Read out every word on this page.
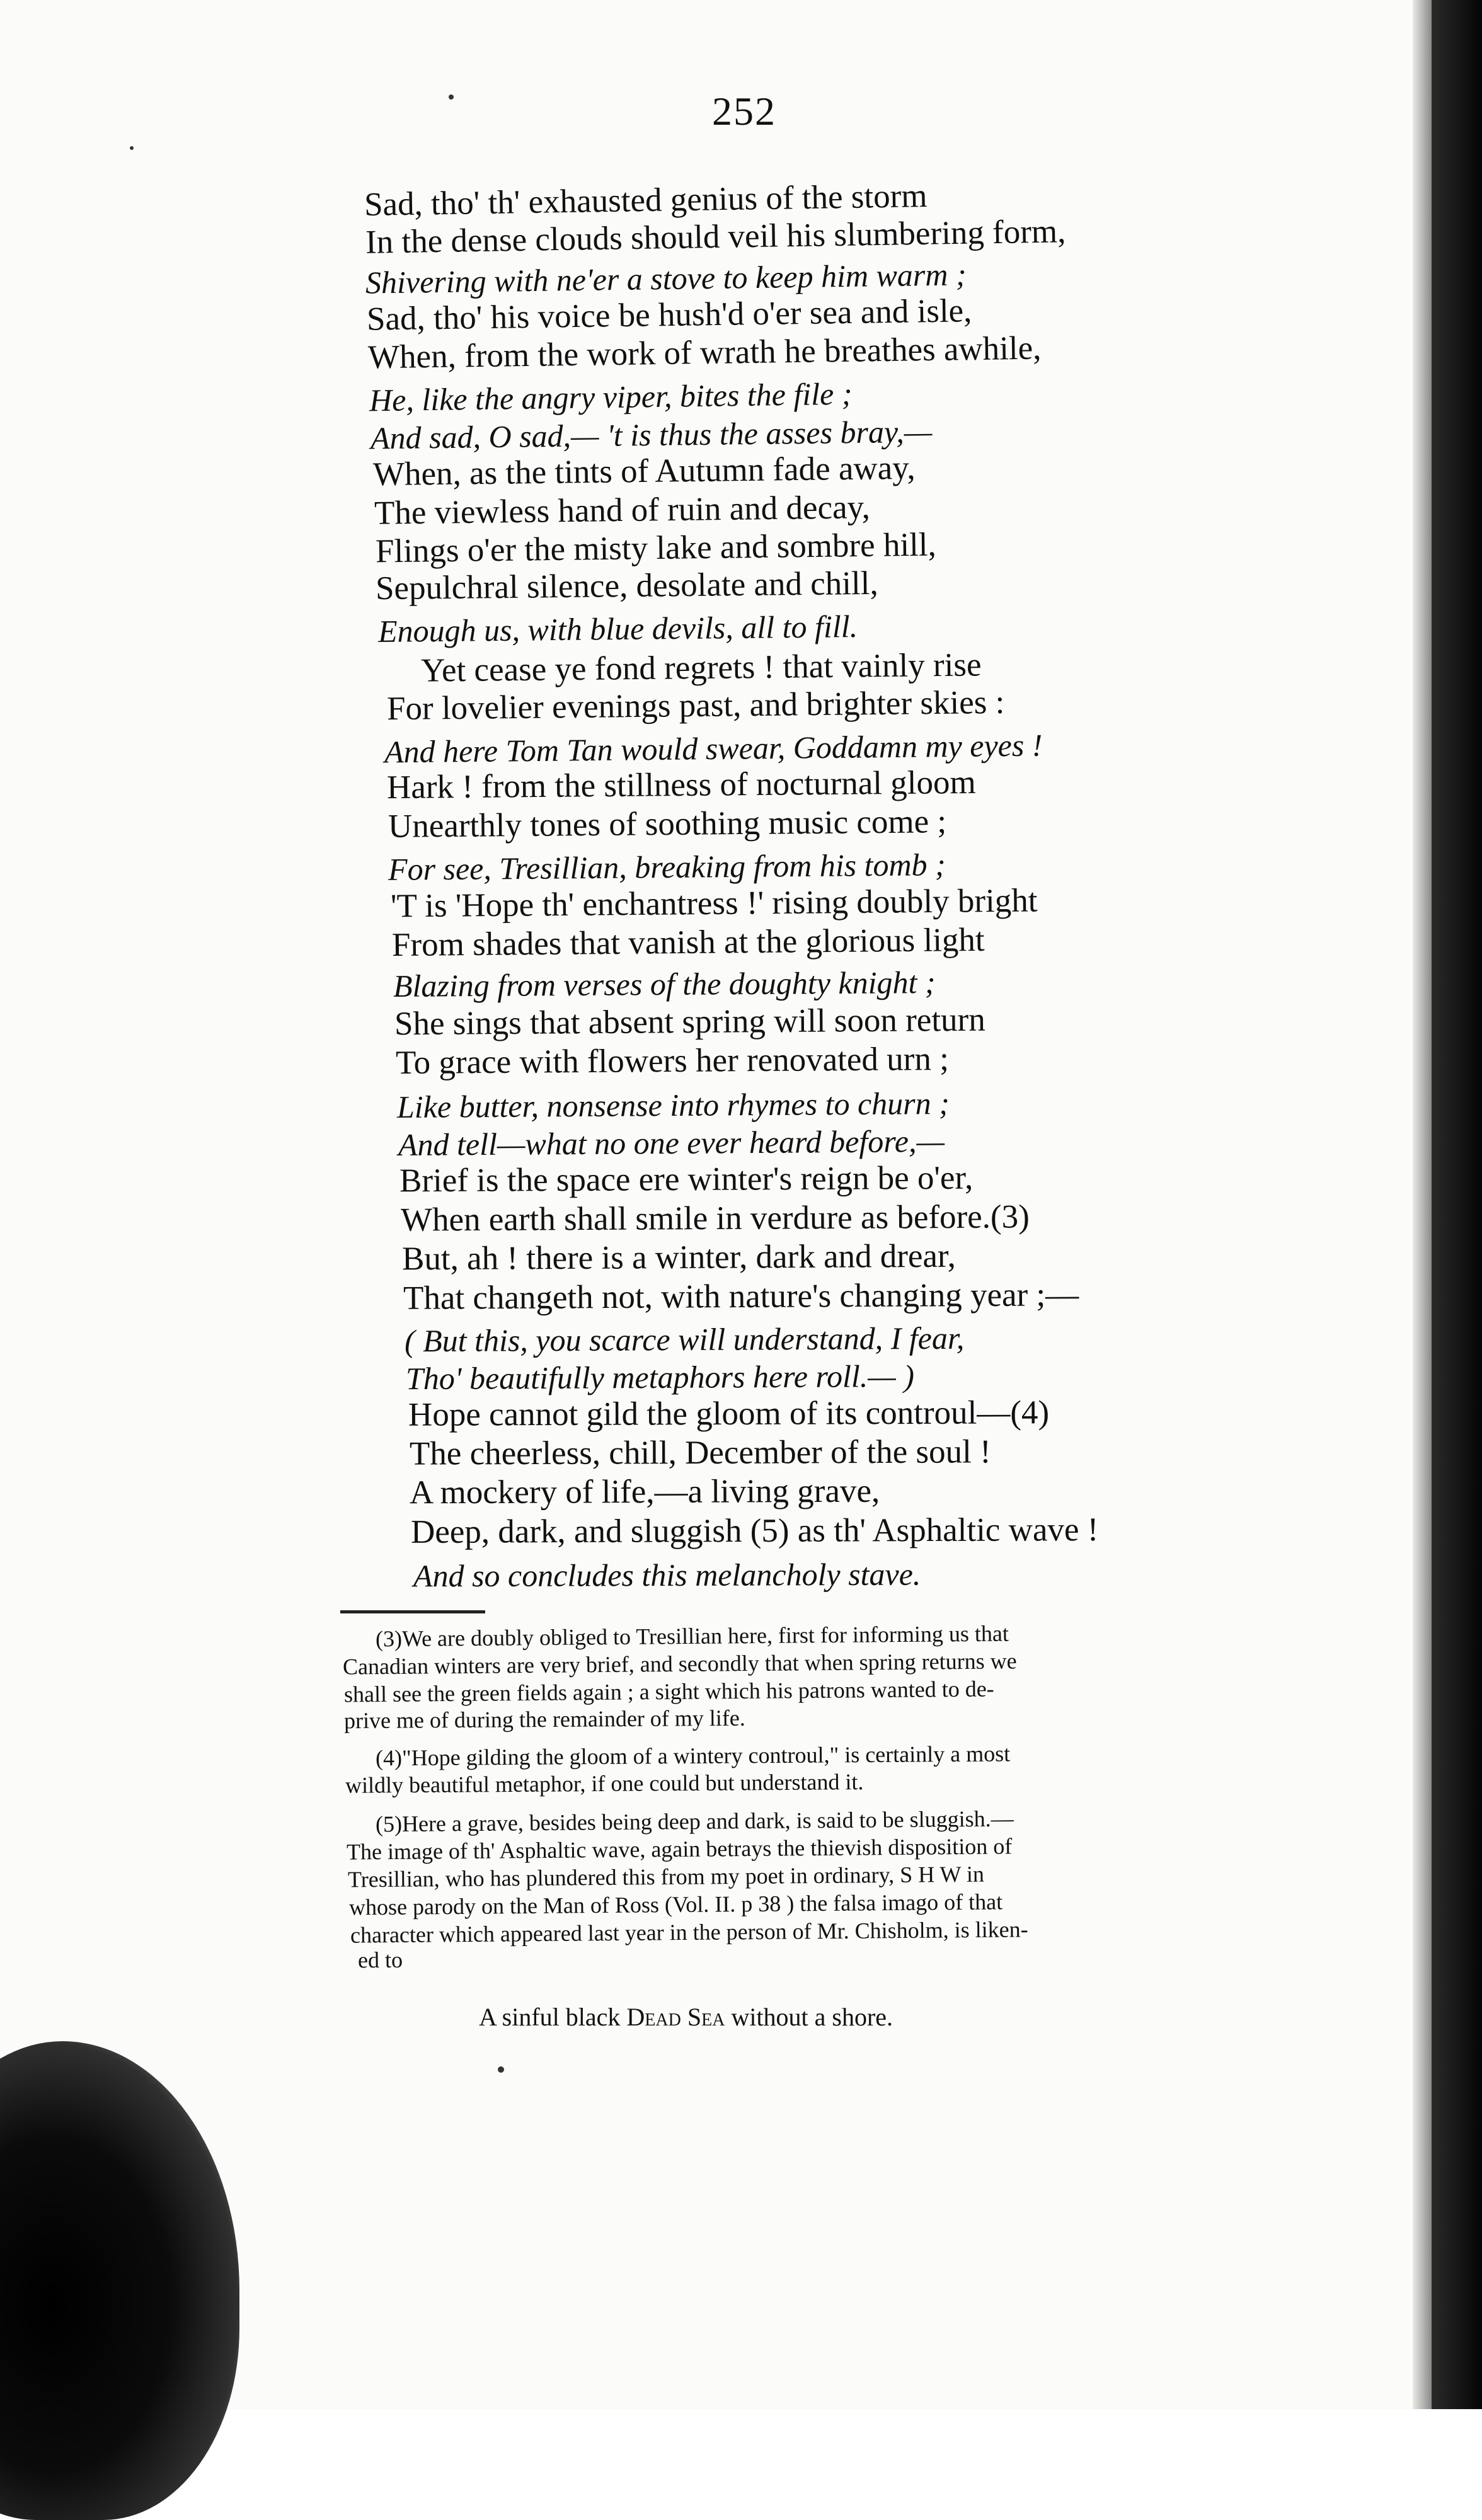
252
Sad, tho' th' exhausted genius of the storm
In the dense clouds should veil his slumbering form,
Shivering with ne'er a stove to keep him warm ;
Sad, tho' his voice be hush'd o'er sea and isle,
When, from the work of wrath he breathes awhile,
He, like the angry viper, bites the file ;
And sad, O sad,— 't is thus the asses bray,—
When, as the tints of Autumn fade away,
The viewless hand of ruin and decay,
Flings o'er the misty lake and sombre hill,
Sepulchral silence, desolate and chill,
Enough us, with blue devils, all to fill.
Yet cease ye fond regrets ! that vainly rise
For lovelier evenings past, and brighter skies :
And here Tom Tan would swear, Goddamn my eyes !
Hark ! from the stillness of nocturnal gloom
Unearthly tones of soothing music come ;
For see, Tresillian, breaking from his tomb ;
'T is 'Hope th' enchantress !' rising doubly bright
From shades that vanish at the glorious light
Blazing from verses of the doughty knight ;
She sings that absent spring will soon return
To grace with flowers her renovated urn ;
Like butter, nonsense into rhymes to churn ;
And tell—what no one ever heard before,—
Brief is the space ere winter's reign be o'er,
When earth shall smile in verdure as before.(3)
But, ah ! there is a winter, dark and drear,
That changeth not, with nature's changing year ;—
( But this, you scarce will understand, I fear,
Tho' beautifully metaphors here roll.— )
Hope cannot gild the gloom of its controul—(4)
The cheerless, chill, December of the soul !
A mockery of life,—a living grave,
Deep, dark, and sluggish (5) as th' Asphaltic wave !
And so concludes this melancholy stave.
(3)We are doubly obliged to Tresillian here, first for informing us that
Canadian winters are very brief, and secondly that when spring returns we
shall see the green fields again ; a sight which his patrons wanted to de-
prive me of during the remainder of my life.
(4)"Hope gilding the gloom of a wintery controul," is certainly a most
wildly beautiful metaphor, if one could but understand it.
(5)Here a grave, besides being deep and dark, is said to be sluggish.—
The image of th' Asphaltic wave, again betrays the thievish disposition of
Tresillian, who has plundered this from my poet in ordinary, S H W in
whose parody on the Man of Ross (Vol. II. p 38 ) the falsa imago of that
character which appeared last year in the person of Mr. Chisholm, is liken-
ed to
A sinful black Dead Sea without a shore.
